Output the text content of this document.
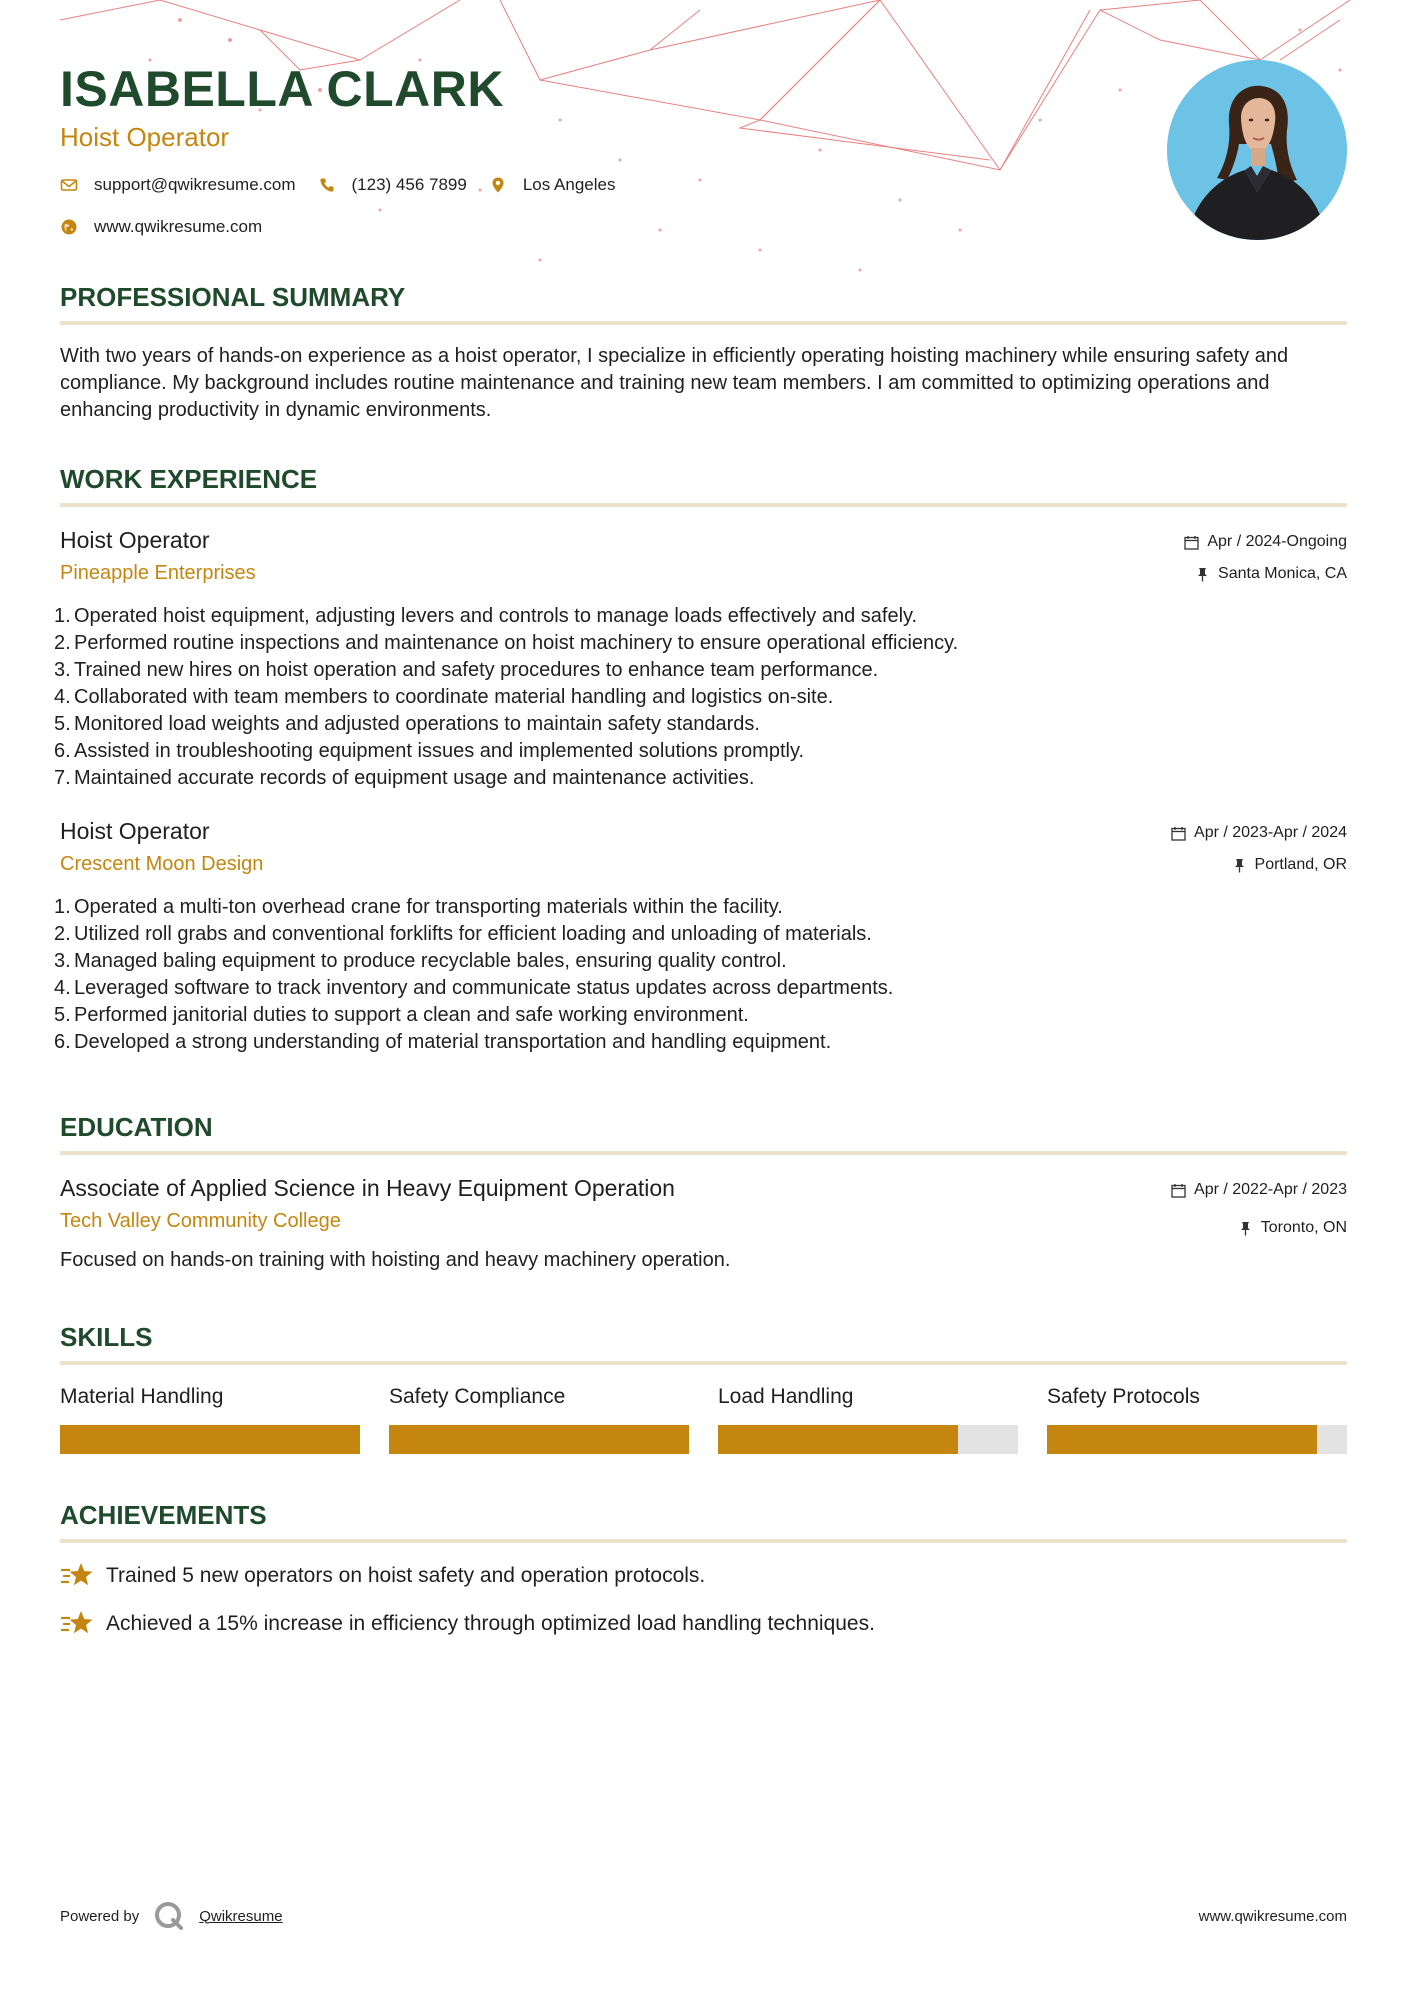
ISABELLA CLARK
Hoist Operator
support@qwikresume.com	(123) 456 7899	Los Angeles
www.qwikresume.com
PROFESSIONAL SUMMARY

With two years of hands-on experience as a hoist operator, I specialize in efficiently operating hoisting machinery while ensuring safety and compliance. My background includes routine maintenance and training new team members. I am committed to optimizing operations and enhancing productivity in dynamic environments.

WORK EXPERIENCE
Hoist Operator
Pineapple Enterprises
Apr / 2024-Ongoing
Santa Monica, CA
1. Operated hoist equipment, adjusting levers and controls to manage loads effectively and safely.
2. Performed routine inspections and maintenance on hoist machinery to ensure operational efficiency.
3. Trained new hires on hoist operation and safety procedures to enhance team performance.
4. Collaborated with team members to coordinate material handling and logistics on-site.
5. Monitored load weights and adjusted operations to maintain safety standards.
6. Assisted in troubleshooting equipment issues and implemented solutions promptly.
7. Maintained accurate records of equipment usage and maintenance activities.
Hoist Operator
Crescent Moon Design
Apr / 2023-Apr / 2024
Portland, OR
1. Operated a multi-ton overhead crane for transporting materials within the facility.
2. Utilized roll grabs and conventional forklifts for efficient loading and unloading of materials.
3. Managed baling equipment to produce recyclable bales, ensuring quality control.
4. Leveraged software to track inventory and communicate status updates across departments.
5. Performed janitorial duties to support a clean and safe working environment.
6. Developed a strong understanding of material transportation and handling equipment.
EDUCATION
Associate of Applied Science in Heavy Equipment Operation
Tech Valley Community College
Apr / 2022-Apr / 2023
Toronto, ON
Focused on hands-on training with hoisting and heavy machinery operation.
SKILLS
Material Handling	Safety Compliance	Load Handling	Safety Protocols
ACHIEVEMENTS
Trained 5 new operators on hoist safety and operation protocols.
Achieved a 15% increase in efficiency through optimized load handling techniques.
Powered by	Qwikresume	www.qwikresume.com
